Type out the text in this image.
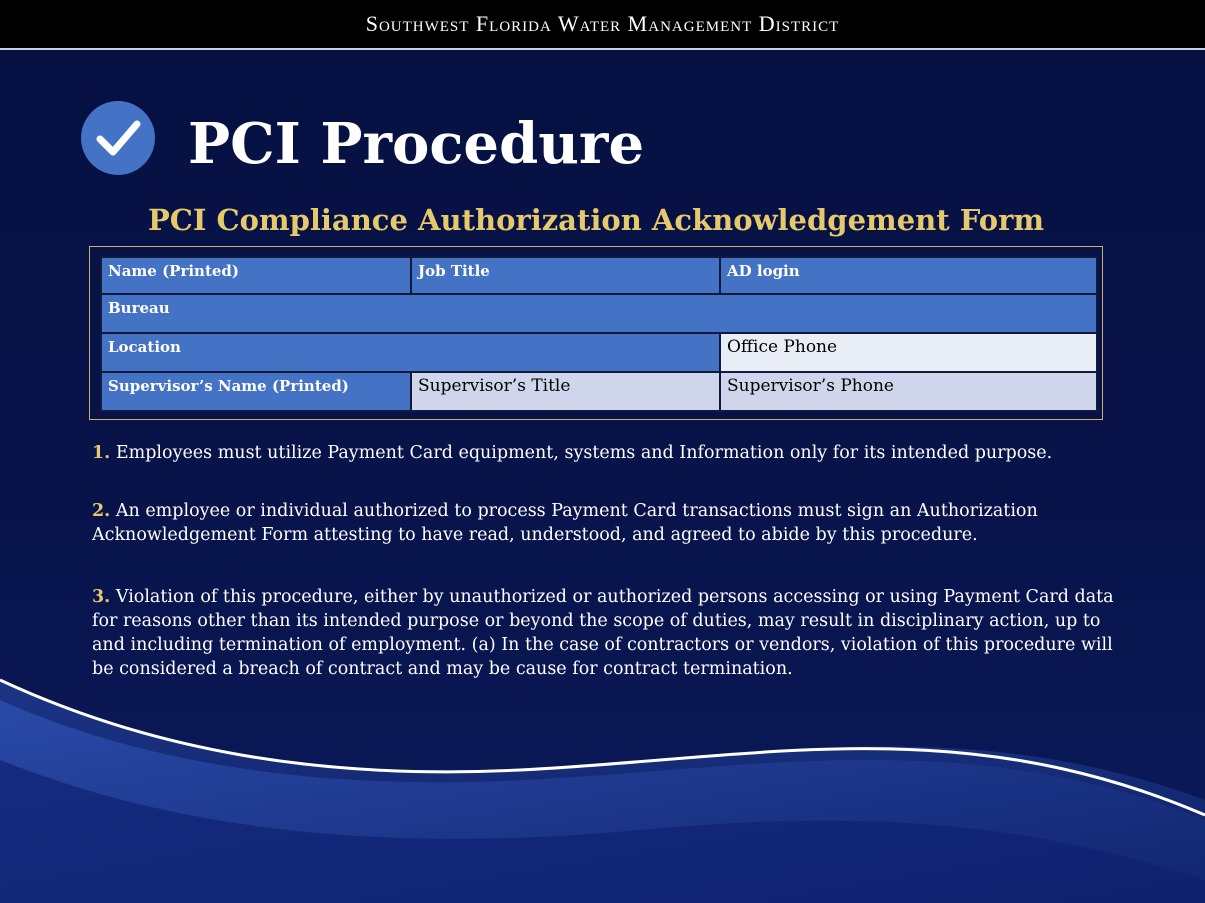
Southwest Florida Water Management District
PCI Procedure
PCI Compliance Authorization Acknowledgement Form
Name (Printed)	Job Title	AD login
Bureau		
Location		Office Phone
Supervisor’s Name (Printed)	Supervisor’s Title	Supervisor’s Phone

1. Employees must utilize Payment Card equipment, systems and Information only for its intended purpose.

2. An employee or individual authorized to process Payment Card transactions must sign an Authorization Acknowledgement Form attesting to have read, understood, and agreed to abide by this procedure.

3. Violation of this procedure, either by unauthorized or authorized persons accessing or using Payment Card data for reasons other than its intended purpose or beyond the scope of duties, may result in disciplinary action, up to and including termination of employment. (a) In the case of contractors or vendors, violation of this procedure will be considered a breach of contract and may be cause for contract termination.
